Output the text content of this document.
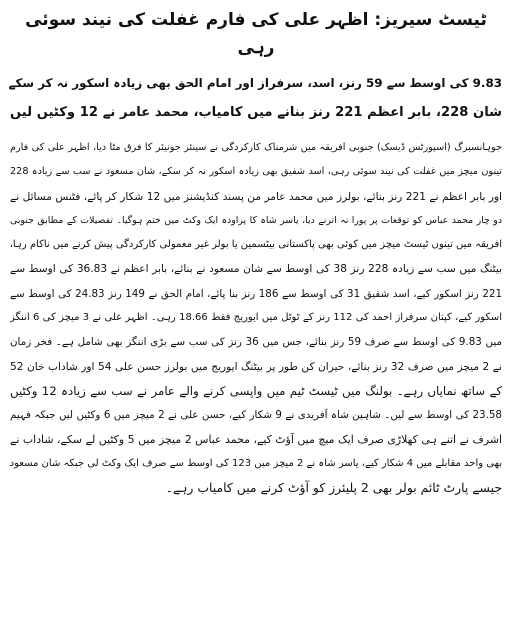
ٹیسٹ سیریز: اظہر علی کی فارم غفلت کی نیند سوئی رہی
9.83 کی اوسط سے 59 رنز، اسد، سرفراز اور امام الحق بھی زیادہ اسکور نہ کر سکے
شان 228، بابر اعظم 221 رنز بنانے میں کامیاب، محمد عامر نے 12 وکٹیں لیں

جوہانسبرگ (اسپورٹس ڈیسک) جنوبی افریقہ میں شرمناک کارکردگی نے سینئر جونیئر کا فرق مٹا دیا، اظہر علی کی فارم

تینوں میچز میں غفلت کی نیند سوئی رہی، اسد شفیق بھی زیادہ اسکور نہ کر سکے، شان مسعود نے سب سے زیادہ 228

اور بابر اعظم نے 221 رنز بنائے، بولرز میں محمد عامر من پسند کنڈیشنز میں 12 شکار کر پائے، فٹنس مسائل نے

دو چار محمد عباس کو توقعات پر پورا نہ اترنے دیا، یاسر شاہ کا پراودہ ایک وکٹ میں ختم ہوگیا۔ تفصیلات کے مطابق جنوبی

افریقہ میں تینوں ٹیسٹ میچز میں کوئی بھی پاکستانی بیٹسمین یا بولر غیر معمولی کارکردگی پیش کرنے میں ناکام رہا،

بیٹنگ میں سب سے زیادہ 228 رنز 38 کی اوسط سے شان مسعود نے بنائے، بابر اعظم نے 36.83 کی اوسط سے

221 رنز اسکور کیے، اسد شفیق 31 کی اوسط سے 186 رنز بنا پائے، امام الحق نے 149 رنز 24.83 کی اوسط سے

اسکور کیے، کپتان سرفراز احمد کی 112 رنز کے ٹوٹل میں ایوریج فقط 18.66 رہی۔ اظہر علی نے 3 میچز کی 6 اننگز

میں 9.83 کی اوسط سے صرف 59 رنز بنائے، جس میں 36 رنز کی سب سے بڑی اننگز بھی شامل ہے۔ فخر زمان

نے 2 میچز میں صرف 32 رنز بنائے، حیران کن طور پر بیٹنگ ایوریج میں بولرز حسن علی 54 اور شاداب خان 52

کے ساتھ نمایاں رہے۔ بولنگ میں ٹیسٹ ٹیم میں واپسی کرنے والے عامر نے سب سے زیادہ 12 وکٹیں

23.58 کی اوسط سے لیں۔ شاہین شاہ آفریدی نے 9 شکار کیے، حسن علی نے 2 میچز میں 6 وکٹیں لیں جبکہ فہیم

اشرف نے اتنے ہی کھلاڑی صرف ایک میچ میں آؤٹ کیے، محمد عباس 2 میچز میں 5 وکٹیں لے سکے، شاداب نے

بھی واحد مقابلے میں 4 شکار کیے، یاسر شاہ نے 2 میچز میں 123 کی اوسط سے صرف ایک وکٹ لی جبکہ شان مسعود

جیسے پارٹ ٹائم بولر بھی 2 پلیئرز کو آؤٹ کرنے میں کامیاب رہے۔
